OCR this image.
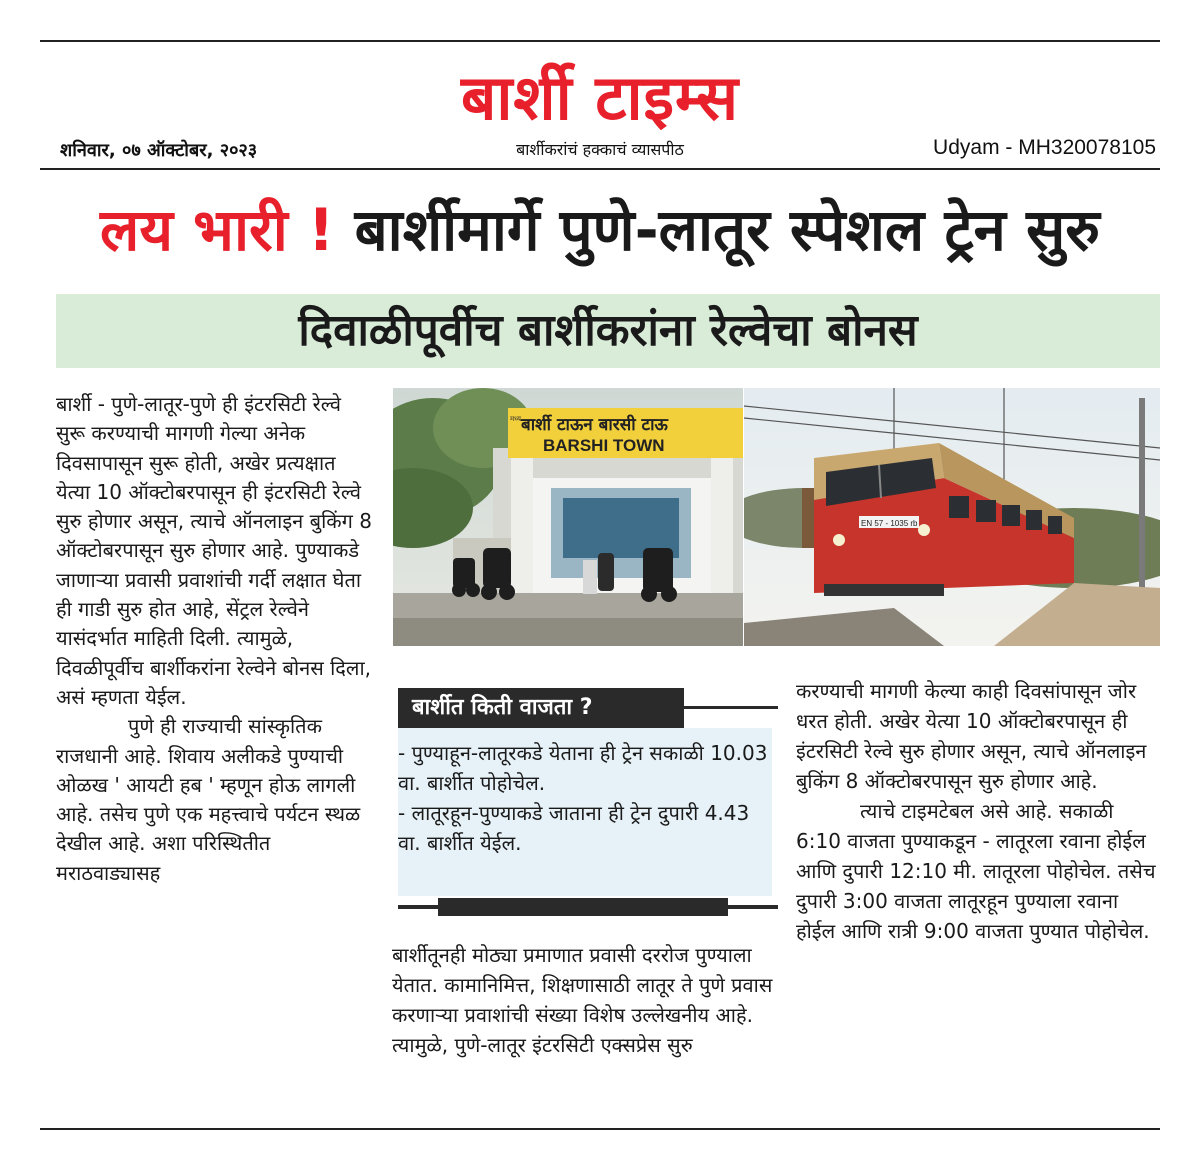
बार्शी टाइम्स
शनिवार, ०७ ऑक्टोबर, २०२३	बार्शीकरांचं हक्काचं व्यासपीठ	Udyam - MH320078105
लय भारी ! बार्शीमार्गे पुणे-लातूर स्पेशल ट्रेन सुरु
दिवाळीपूर्वीच बार्शीकरांना रेल्वेचा बोनस

बार्शी - पुणे-लातूर-पुणे ही इंटरसिटी रेल्वे सुरू करण्याची मागणी गेल्या अनेक दिवसापासून सुरू होती, अखेर प्रत्यक्षात येत्या 10 ऑक्टोबरपासून ही इंटरसिटी रेल्वे सुरु होणार असून, त्याचे ऑनलाइन बुकिंग 8 ऑक्टोबरपासून सुरु होणार आहे. पुण्याकडे जाणाऱ्या प्रवासी प्रवाशांची गर्दी लक्षात घेता ही गाडी सुरु होत आहे, सेंट्रल रेल्वेने यासंदर्भात माहिती दिली. त्यामुळे, दिवळीपूर्वीच बार्शीकरांना रेल्वेने बोनस दिला, असं म्हणता येईल.

पुणे ही राज्याची सांस्कृतिक राजधानी आहे. शिवाय अलीकडे पुण्याची ओळख ' आयटी हब ' म्हणून होऊ लागली आहे. तसेच पुणे एक महत्त्वाचे पर्यटन स्थळ देखील आहे. अशा परिस्थितीत मराठवाड्यासह

बार्शी टाऊन बारसी टाऊ
मध्य
BARSHI TOWN
EN 57 - 1035 rb
बार्शीत किती वाजता ?
- पुण्याहून-लातूरकडे येताना ही ट्रेन सकाळी 10.03 वा. बार्शीत पोहोचेल.
- लातूरहून-पुण्याकडे जाताना ही ट्रेन दुपारी 4.43 वा. बार्शीत येईल.

बार्शीतूनही मोठ्या प्रमाणात प्रवासी दररोज पुण्याला येतात. कामानिमित्त, शिक्षणासाठी लातूर ते पुणे प्रवास करणाऱ्या प्रवाशांची संख्या विशेष उल्लेखनीय आहे. त्यामुळे, पुणे-लातूर इंटरसिटी एक्सप्रेस सुरु

करण्याची मागणी केल्या काही दिवसांपासून जोर धरत होती. अखेर येत्या 10 ऑक्टोबरपासून ही इंटरसिटी रेल्वे सुरु होणार असून, त्याचे ऑनलाइन बुकिंग 8 ऑक्टोबरपासून सुरु होणार आहे.

त्याचे टाइमटेबल असे आहे. सकाळी 6:10 वाजता पुण्याकडून - लातूरला रवाना होईल आणि दुपारी 12:10 मी. लातूरला पोहोचेल. तसेच दुपारी 3:00 वाजता लातूरहून पुण्याला रवाना होईल आणि रात्री 9:00 वाजता पुण्यात पोहोचेल.
